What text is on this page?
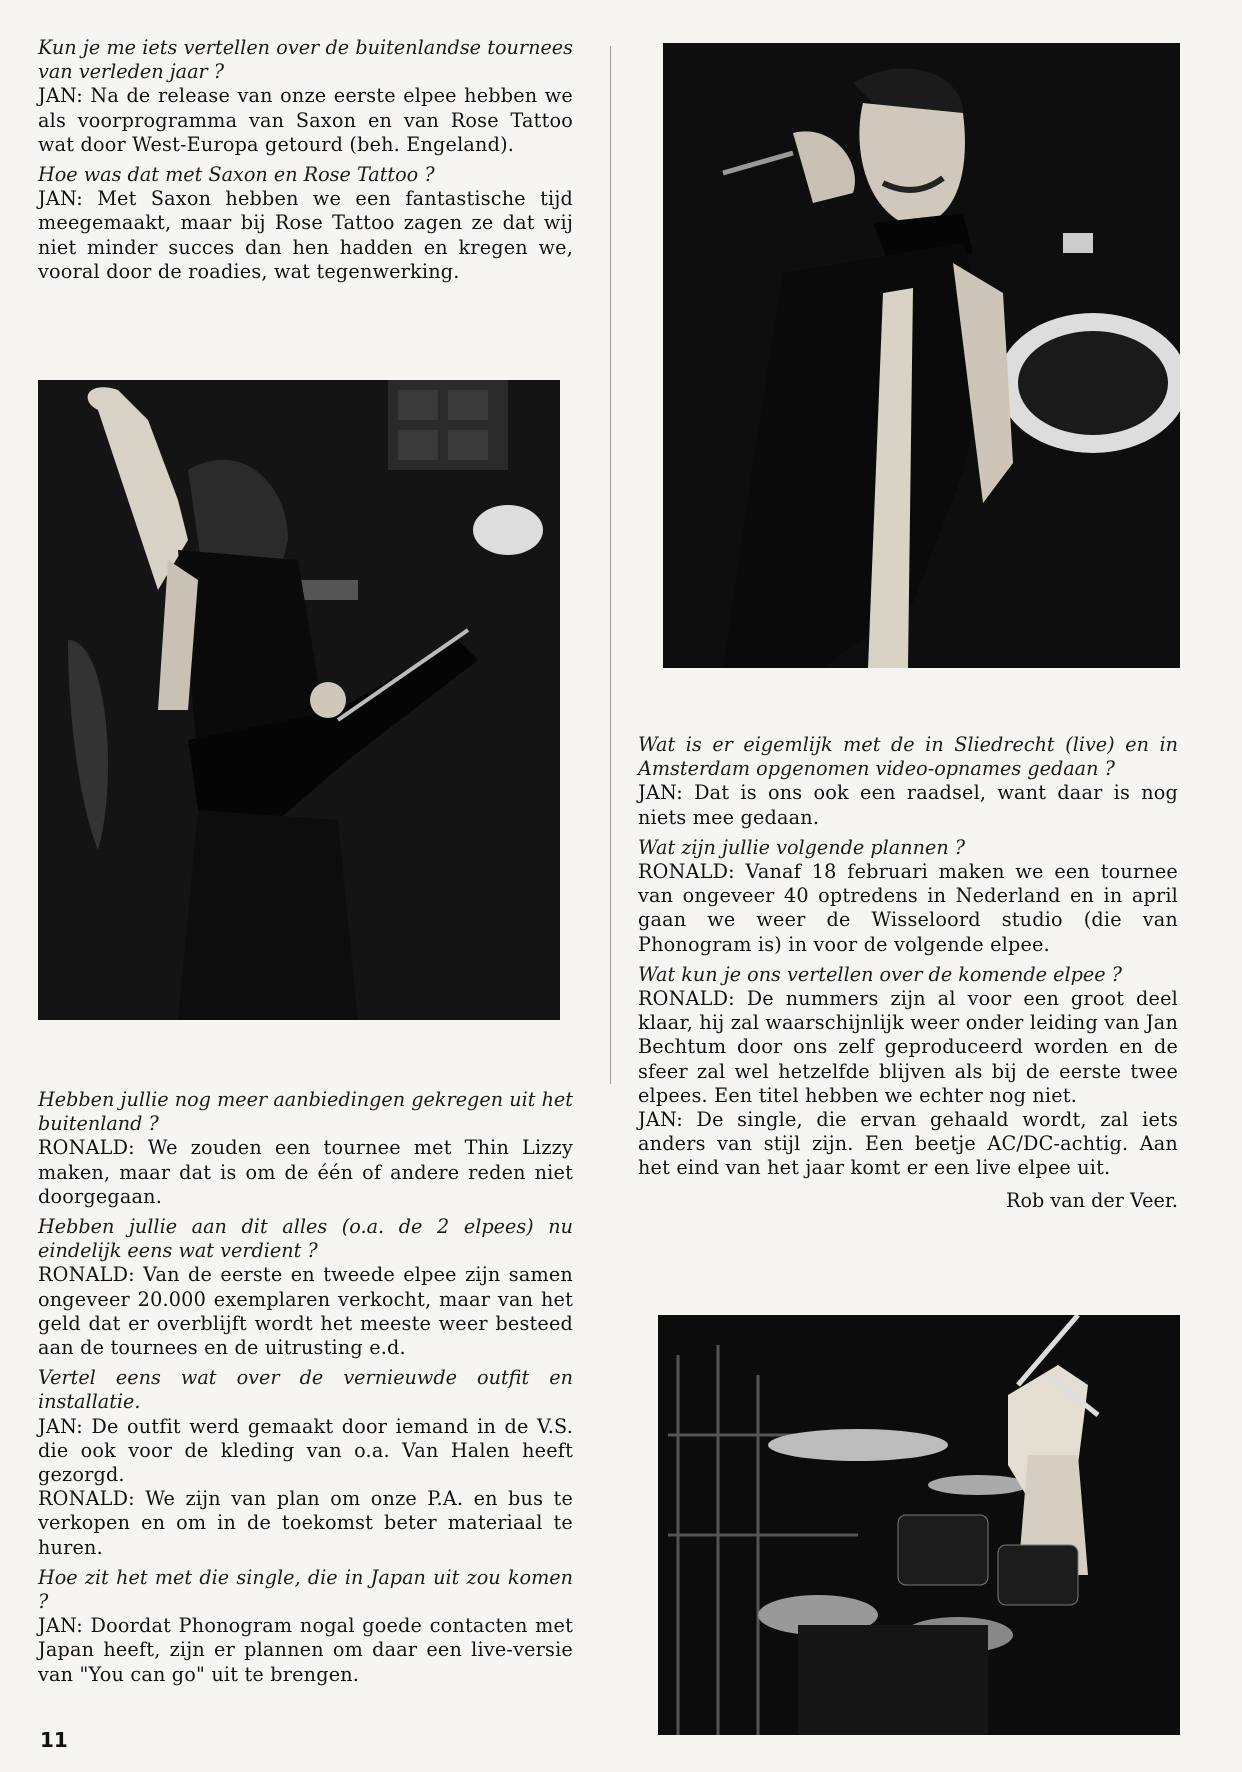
Kun je me iets vertellen over de buitenlandse tournees van verleden jaar ?
JAN: Na de release van onze eerste elpee hebben we als voorprogramma van Saxon en van Rose Tattoo wat door West-Europa getourd (beh. Engeland).
Hoe was dat met Saxon en Rose Tattoo ?
JAN: Met Saxon hebben we een fantastische tijd meegemaakt, maar bij Rose Tattoo zagen ze dat wij niet minder succes dan hen hadden en kregen we, vooral door de roadies, wat tegenwerking.
Hebben jullie nog meer aanbiedingen gekregen uit het buitenland ?
RONALD: We zouden een tournee met Thin Lizzy maken, maar dat is om de één of andere reden niet doorgegaan.
Hebben jullie aan dit alles (o.a. de 2 elpees) nu eindelijk eens wat verdient ?
RONALD: Van de eerste en tweede elpee zijn samen ongeveer 20.000 exemplaren verkocht, maar van het geld dat er overblijft wordt het meeste weer besteed aan de tournees en de uitrusting e.d.
Vertel eens wat over de vernieuwde outfit en installatie.
JAN: De outfit werd gemaakt door iemand in de V.S. die ook voor de kleding van o.a. Van Halen heeft gezorgd.
RONALD: We zijn van plan om onze P.A. en bus te verkopen en om in de toekomst beter materiaal te huren.
Hoe zit het met die single, die in Japan uit zou komen ?
JAN: Doordat Phonogram nogal goede contacten met Japan heeft, zijn er plannen om daar een live-versie van "You can go" uit te brengen.
Wat is er eigemlijk met de in Sliedrecht (live) en in Amsterdam opgenomen video-opnames gedaan ?
JAN: Dat is ons ook een raadsel, want daar is nog niets mee gedaan.
Wat zijn jullie volgende plannen ?
RONALD: Vanaf 18 februari maken we een tournee van ongeveer 40 optredens in Nederland en in april gaan we weer de Wisseloord studio (die van Phonogram is) in voor de volgende elpee.
Wat kun je ons vertellen over de komende elpee ?
RONALD: De nummers zijn al voor een groot deel klaar, hij zal waarschijnlijk weer onder leiding van Jan Bechtum door ons zelf geproduceerd worden en de sfeer zal wel hetzelfde blijven als bij de eerste twee elpees. Een titel hebben we echter nog niet.
JAN: De single, die ervan gehaald wordt, zal iets anders van stijl zijn. Een beetje AC/DC-achtig. Aan het eind van het jaar komt er een live elpee uit.
Rob van der Veer.
11
